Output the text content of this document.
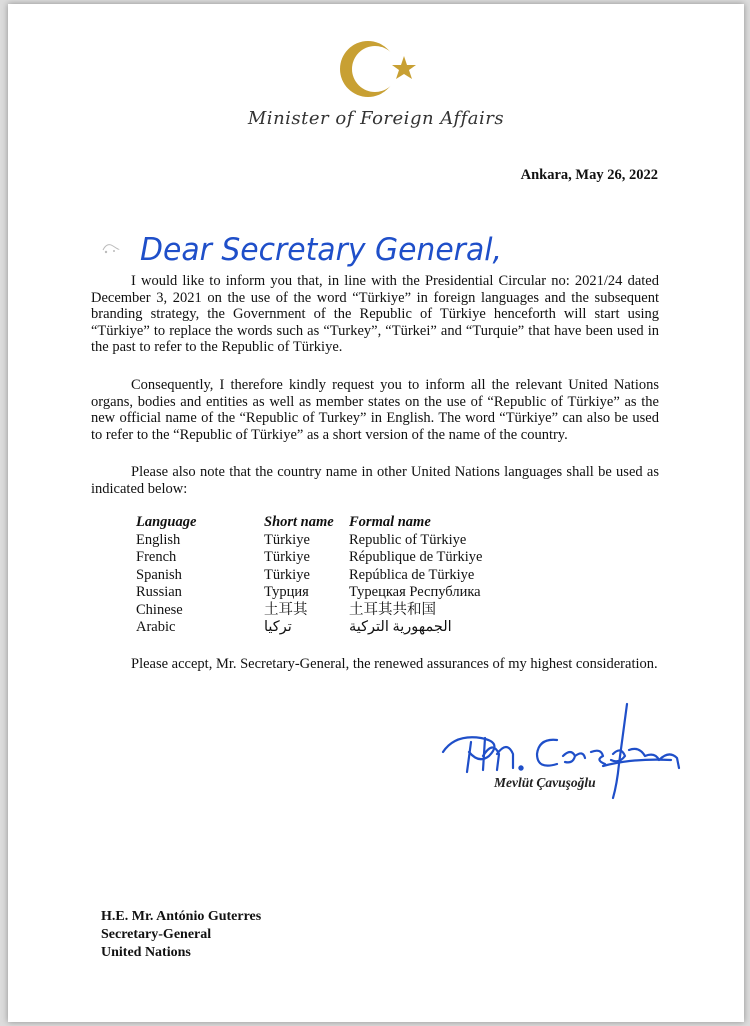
Minister of Foreign Affairs
Ankara, May 26, 2022
Dear Secretary General,

I would like to inform you that, in line with the Presidential Circular no: 2021/24 dated December 3, 2021 on the use of the word “Türkiye” in foreign languages and the subsequent branding strategy, the Government of the Republic of Türkiye henceforth will start using “Türkiye” to replace the words such as “Turkey”, “Türkei” and “Turquie” that have been used in the past to refer to the Republic of Türkiye.

Consequently, I therefore kindly request you to inform all the relevant United Nations organs, bodies and entities as well as member states on the use of “Republic of Türkiye” as the new official name of the “Republic of Turkey” in English. The word “Türkiye” can also be used to refer to the “Republic of Türkiye” as a short version of the name of the country.

Please also note that the country name in other United Nations languages shall be used as indicated below:

Language	Short name	Formal name
English	Türkiye	Republic of Türkiye
French	Türkiye	République de Türkiye
Spanish	Türkiye	República de Türkiye
Russian	Турция	Турецкая Республика
Chinese	土耳其	土耳其共和国
Arabic	تركيا	الجمهورية التركية

Please accept, Mr. Secretary-General, the renewed assurances of my highest consideration.

Mevlüt Çavuşoğlu
H.E. Mr. António Guterres
Secretary-General
United Nations
